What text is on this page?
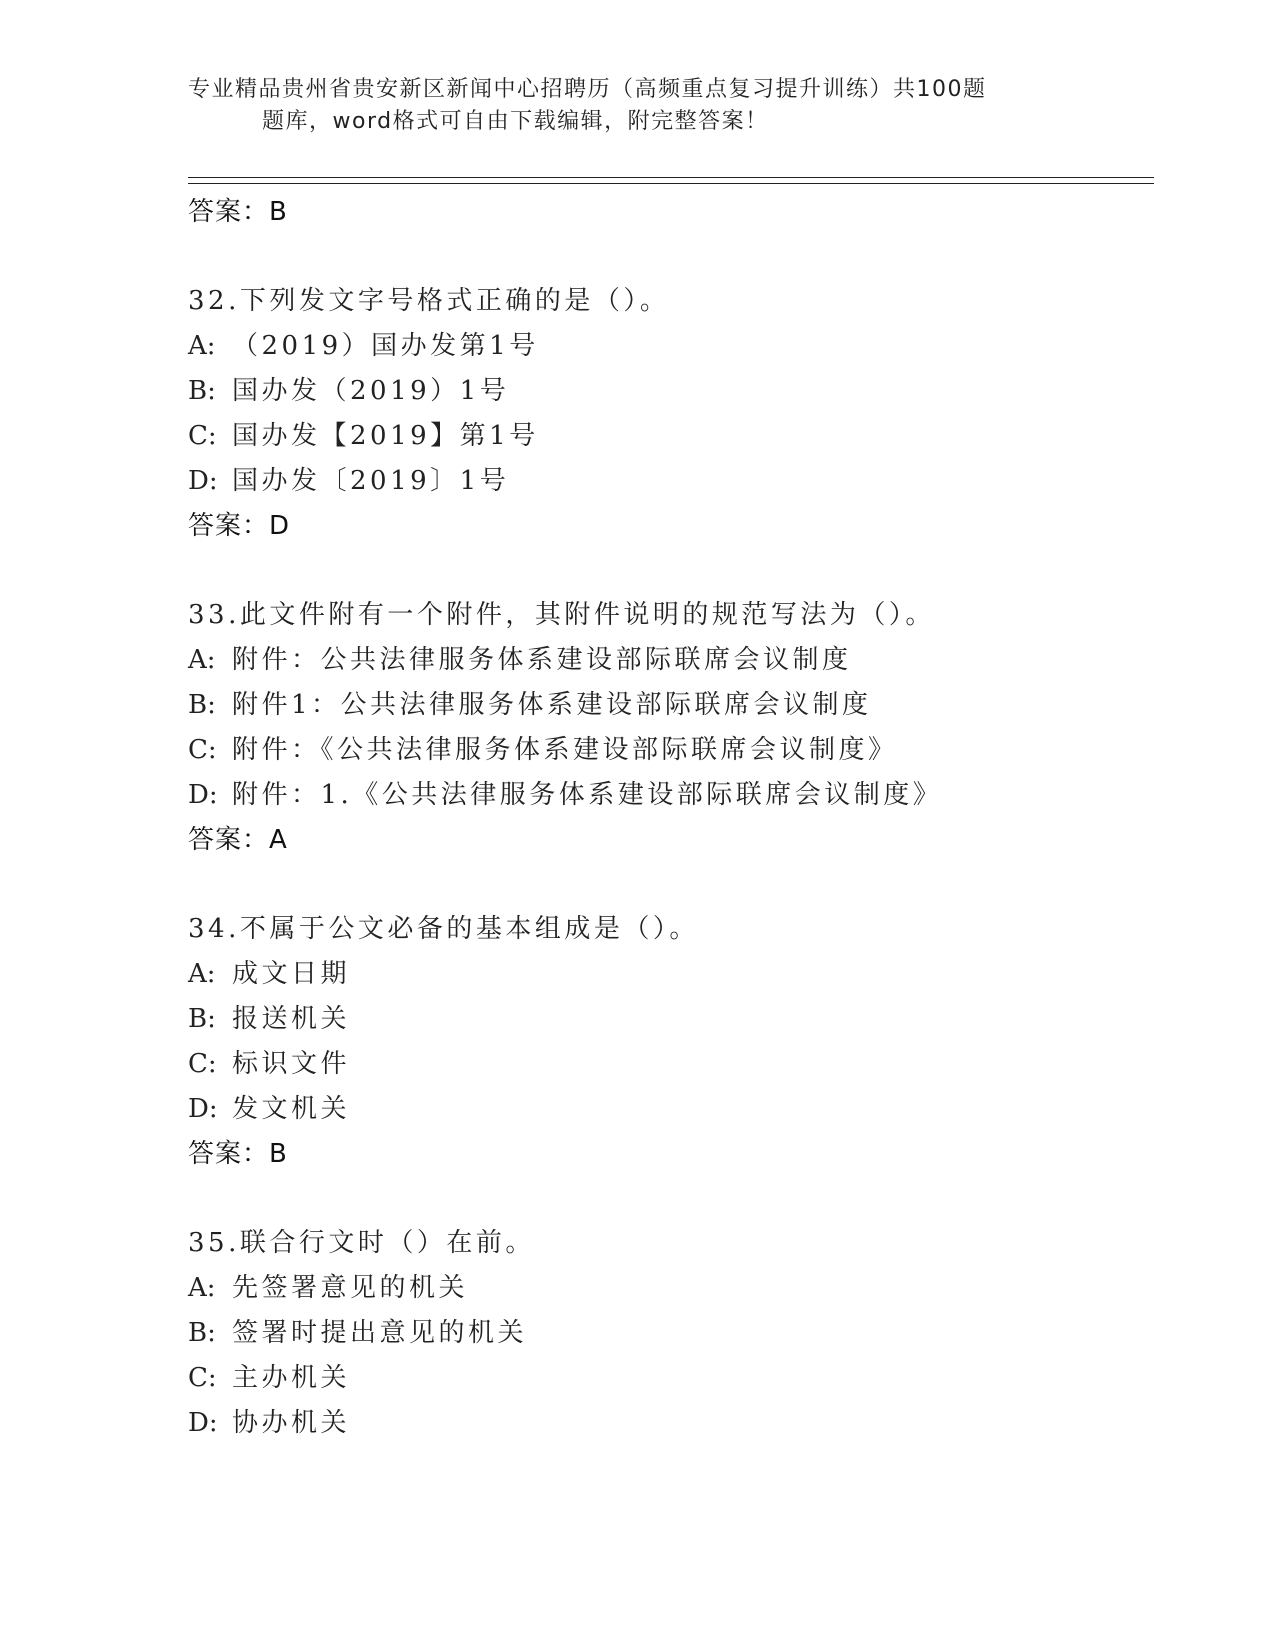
专业精品贵州省贵安新区新闻中心招聘历（高频重点复习提升训练）共100题
题库，word格式可自由下载编辑，附完整答案！
答案：B
32.下列发文字号格式正确的是（）。
A: （2019）国办发第1号
B: 国办发（2019）1号
C: 国办发【2019】第1号
D: 国办发〔2019〕1号
答案：D
33.此文件附有一个附件，其附件说明的规范写法为（）。
A: 附件：公共法律服务体系建设部际联席会议制度
B: 附件1：公共法律服务体系建设部际联席会议制度
C: 附件：《公共法律服务体系建设部际联席会议制度》
D: 附件：1.《公共法律服务体系建设部际联席会议制度》
答案：A
34.不属于公文必备的基本组成是（）。
A: 成文日期
B: 报送机关
C: 标识文件
D: 发文机关
答案：B
35.联合行文时（）在前。
A: 先签署意见的机关
B: 签署时提出意见的机关
C: 主办机关
D: 协办机关
